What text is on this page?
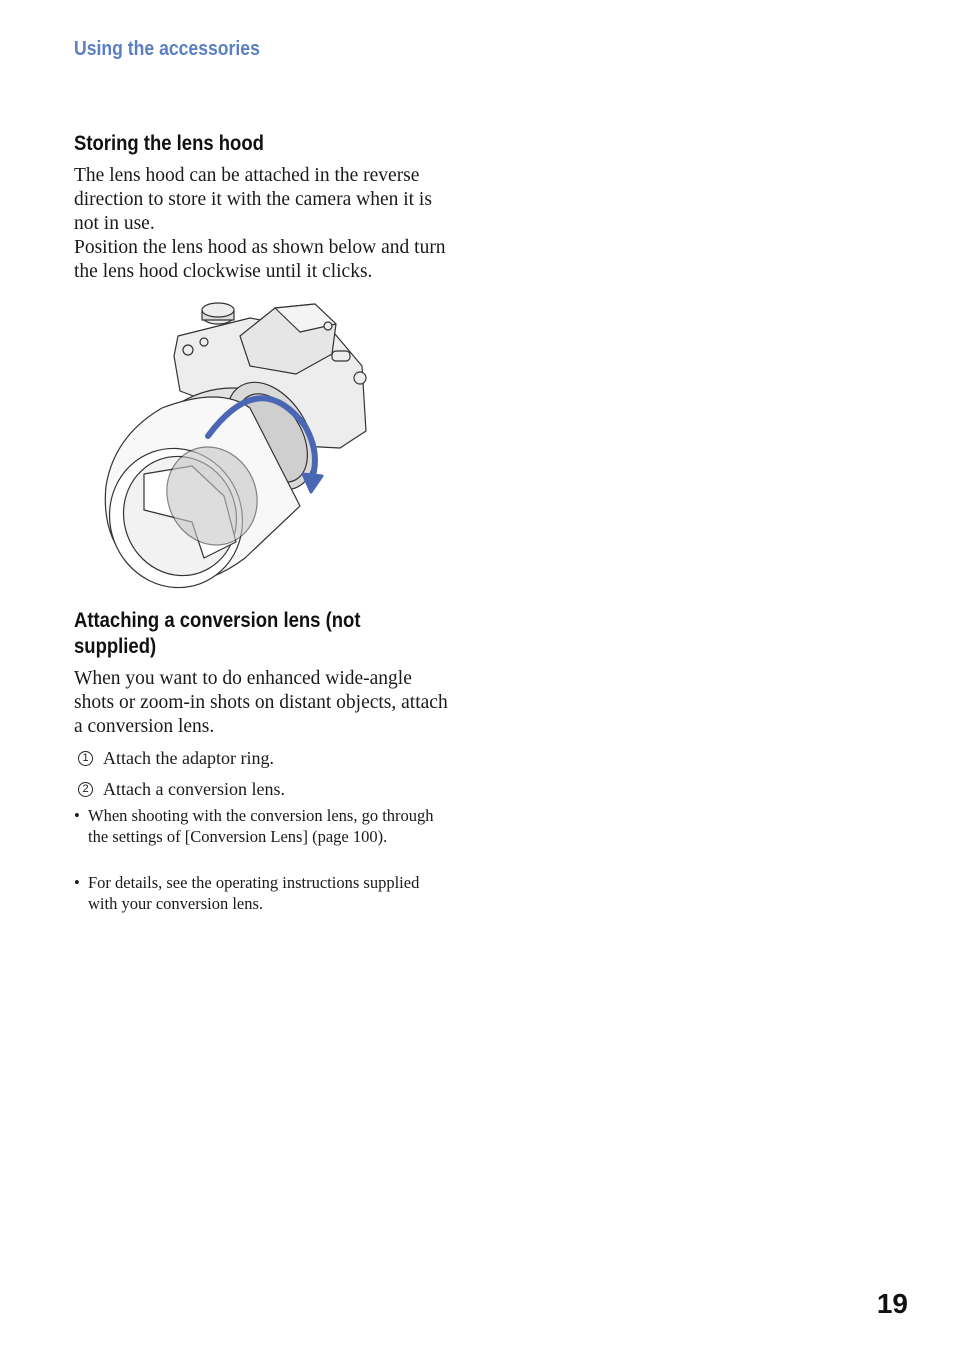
Using the accessories
Storing the lens hood

The lens hood can be attached in the reverse direction to store it with the camera when it is not in use.

Position the lens hood as shown below and turn the lens hood clockwise until it clicks.

Attaching a conversion lens (not
supplied)

When you want to do enhanced wide-angle shots or zoom-in shots on distant objects, attach a conversion lens.

1 Attach the adaptor ring.
2 Attach a conversion lens.
• When shooting with the conversion lens, go through the settings of [Conversion Lens] (page 100).
• For details, see the operating instructions supplied with your conversion lens.
19
